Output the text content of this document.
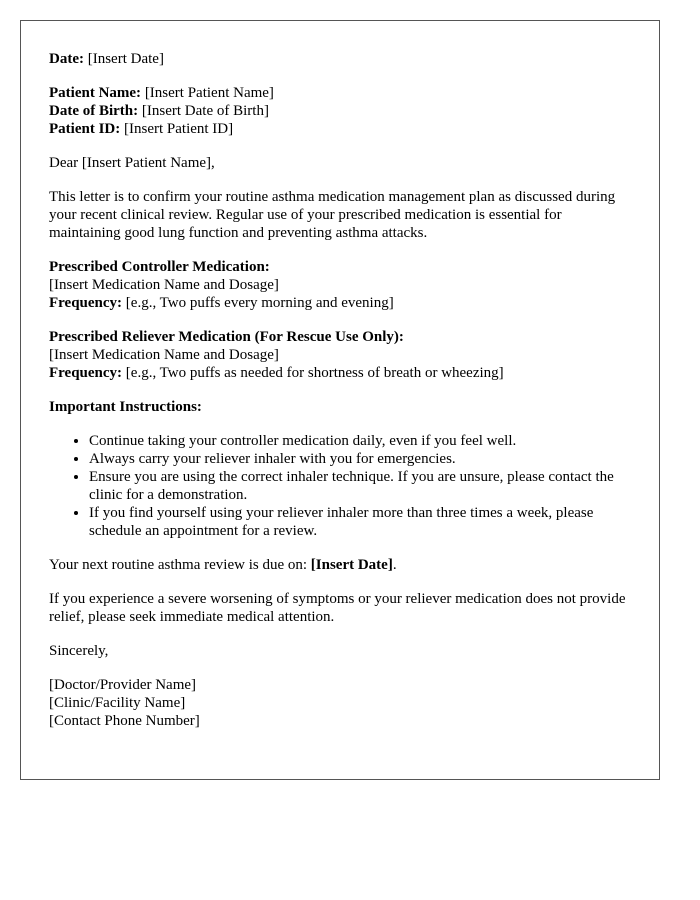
Date: [Insert Date]

Patient Name: [Insert Patient Name]
Date of Birth: [Insert Date of Birth]
Patient ID: [Insert Patient ID]

Dear [Insert Patient Name],

This letter is to confirm your routine asthma medication management plan as discussed during your recent clinical review. Regular use of your prescribed medication is essential for maintaining good lung function and preventing asthma attacks.

Prescribed Controller Medication:
[Insert Medication Name and Dosage]
Frequency: [e.g., Two puffs every morning and evening]

Prescribed Reliever Medication (For Rescue Use Only):
[Insert Medication Name and Dosage]
Frequency: [e.g., Two puffs as needed for shortness of breath or wheezing]

Important Instructions:

• Continue taking your controller medication daily, even if you feel well.
• Always carry your reliever inhaler with you for emergencies.
• Ensure you are using the correct inhaler technique. If you are unsure, please contact the clinic for a demonstration.
• If you find yourself using your reliever inhaler more than three times a week, please schedule an appointment for a review.

Your next routine asthma review is due on: [Insert Date].

If you experience a severe worsening of symptoms or your reliever medication does not provide relief, please seek immediate medical attention.

Sincerely,

[Doctor/Provider Name]
[Clinic/Facility Name]
[Contact Phone Number]
